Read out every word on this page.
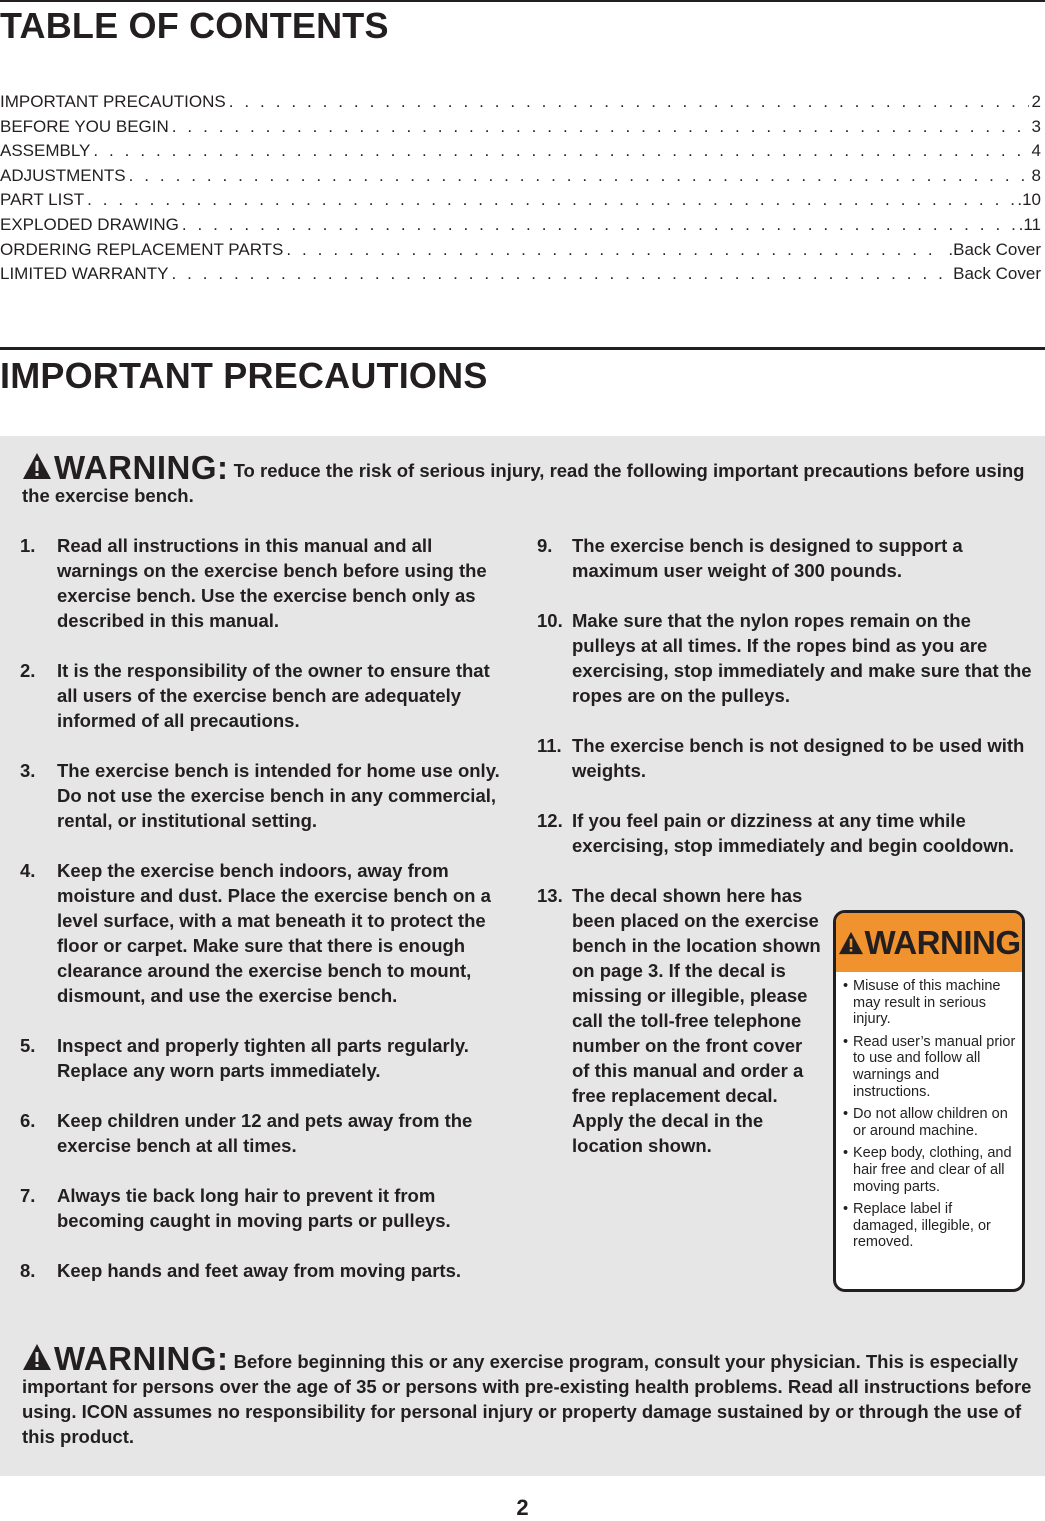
TABLE OF CONTENTS
IMPORTANT PRECAUTIONS . . .	2
BEFORE YOU BEGIN . . .	3
ASSEMBLY . . .	4
ADJUSTMENTS . . .	8
PART LIST . . .	.10
EXPLODED DRAWING . . .	.11
ORDERING REPLACEMENT PARTS . . .	.Back Cover
LIMITED WARRANTY . . .	Back Cover
IMPORTANT PRECAUTIONS
WARNING: To reduce the risk of serious injury, read the following important precautions before using the exercise bench.
1.	Read all instructions in this manual and all warnings on the exercise bench before using the exercise bench. Use the exercise bench only as described in this manual.
2.	It is the responsibility of the owner to ensure that all users of the exercise bench are adequately informed of all precautions.
3.	The exercise bench is intended for home use only. Do not use the exercise bench in any commercial, rental, or institutional setting.
4.	Keep the exercise bench indoors, away from moisture and dust. Place the exercise bench on a level surface, with a mat beneath it to protect the floor or carpet. Make sure that there is enough clearance around the exercise bench to mount, dismount, and use the exercise bench.
5.	Inspect and properly tighten all parts regularly. Replace any worn parts immediately.
6.	Keep children under 12 and pets away from the exercise bench at all times.
7.	Always tie back long hair to prevent it from becoming caught in moving parts or pulleys.
8.	Keep hands and feet away from moving parts.
9.	The exercise bench is designed to support a maximum user weight of 300 pounds.
10. Make sure that the nylon ropes remain on the pulleys at all times. If the ropes bind as you are exercising, stop immediately and make sure that the ropes are on the pulleys.
11. The exercise bench is not designed to be used with weights.
12. If you feel pain or dizziness at any time while exercising, stop immediately and begin cooldown.
13. The decal shown here has been placed on the exercise bench in the location shown on page 3. If the decal is missing or illegible, please call the toll-free telephone number on the front cover of this manual and order a free replacement decal. Apply the decal in the location shown.
WARNING
• Misuse of this machine may result in serious injury.
• Read user’s manual prior to use and follow all warnings and instructions.
• Do not allow children on or around machine.
• Keep body, clothing, and hair free and clear of all moving parts.
• Replace label if damaged, illegible, or removed.
WARNING: Before beginning this or any exercise program, consult your physician. This is especially important for persons over the age of 35 or persons with pre-existing health problems. Read all instructions before using. ICON assumes no responsibility for personal injury or property damage sustained by or through the use of this product.
2
